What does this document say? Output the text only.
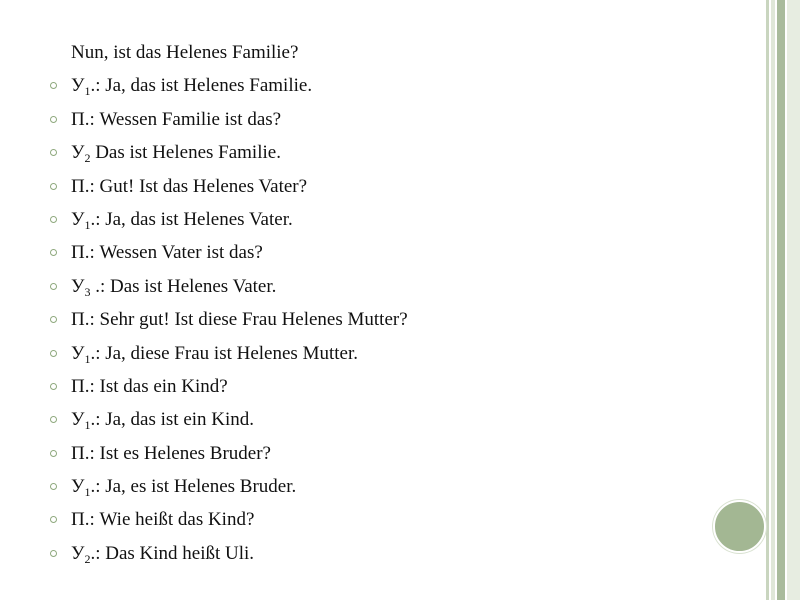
Nun, ist das Helenes Familie?
$У_1$.: Ja, das ist Helenes Familie.
П.: Wessen Familie ist das?
$У_2$ Das ist Helenes Familie.
П.: Gut! Ist das Helenes Vater?
$У_1$.: Ja, das ist Helenes Vater.
П.: Wessen Vater ist das?
$У_3$ .: Das ist Helenes Vater.
П.: Sehr gut! Ist diese Frau Helenes Mutter?
$У_1$.: Ja, diese Frau ist Helenes Mutter.
П.: Ist das ein Kind?
$У_1$.: Ja, das ist ein Kind.
П.: Ist es Helenes Bruder?
$У_1$.: Ja, es ist Helenes Bruder.
П.: Wie heißt das Kind?
$У_2$.: Das Kind heißt Uli.
